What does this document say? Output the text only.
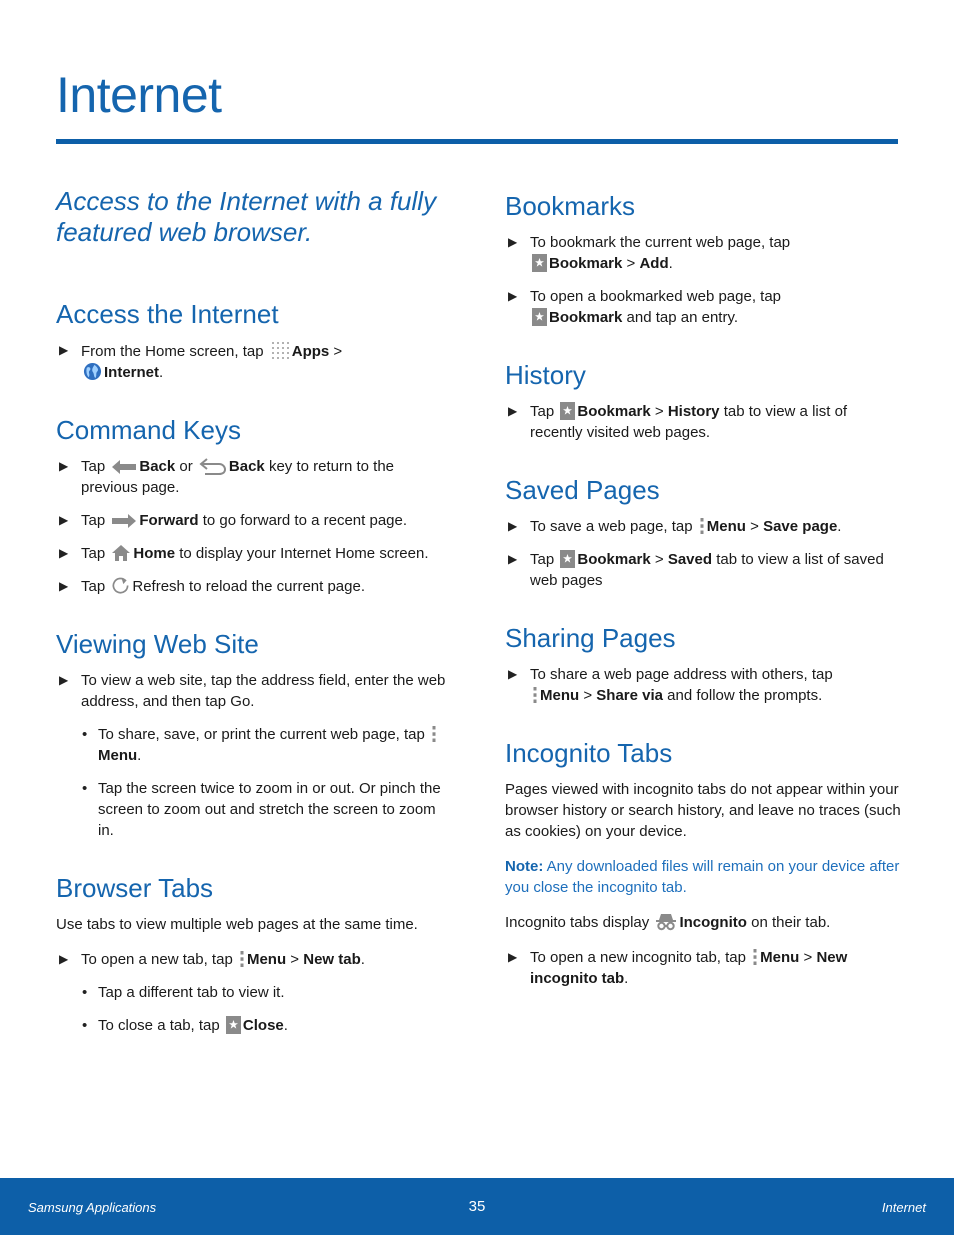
Internet

Access to the Internet with a fully featured web browser.

Access the Internet
▶ From the Home screen, tap Apps >

Internet.
Command Keys
▶ Tap Back or Back key to return to the previous page.
▶ Tap Forward to go forward to a recent page.
▶ Tap Home to display your Internet Home screen.
▶ Tap Refresh to reload the current page.
Viewing Web Site
▶ To view a web site, tap the address field, enter the web address, and then tap Go.
• To share, save, or print the current web page, tap
Menu.
• Tap the screen twice to zoom in or out. Or pinch the screen to zoom out and stretch the screen to zoom in.
Browser Tabs

Use tabs to view multiple web pages at the same time.

▶ To open a new tab, tap Menu > New tab.
• Tap a different tab to view it.
• To close a tab, tap Close.
Bookmarks
▶ To bookmark the current web page, tap

Bookmark > Add.
▶ To open a bookmarked web page, tap

Bookmark and tap an entry.
History
▶ Tap Bookmark > History tab to view a list of recently visited web pages.
Saved Pages
▶ To save a web page, tap Menu > Save page.
▶ Tap Bookmark > Saved tab to view a list of saved web pages
Sharing Pages
▶ To share a web page address with others, tap

Menu > Share via and follow the prompts.
Incognito Tabs

Pages viewed with incognito tabs do not appear within your browser history or search history, and leave no traces (such as cookies) on your device.

Note: Any downloaded files will remain on your device after you close the incognito tab.

Incognito tabs display Incognito on their tab.

▶ To open a new incognito tab, tap Menu > New incognito tab.
Samsung Applications	35	Internet
